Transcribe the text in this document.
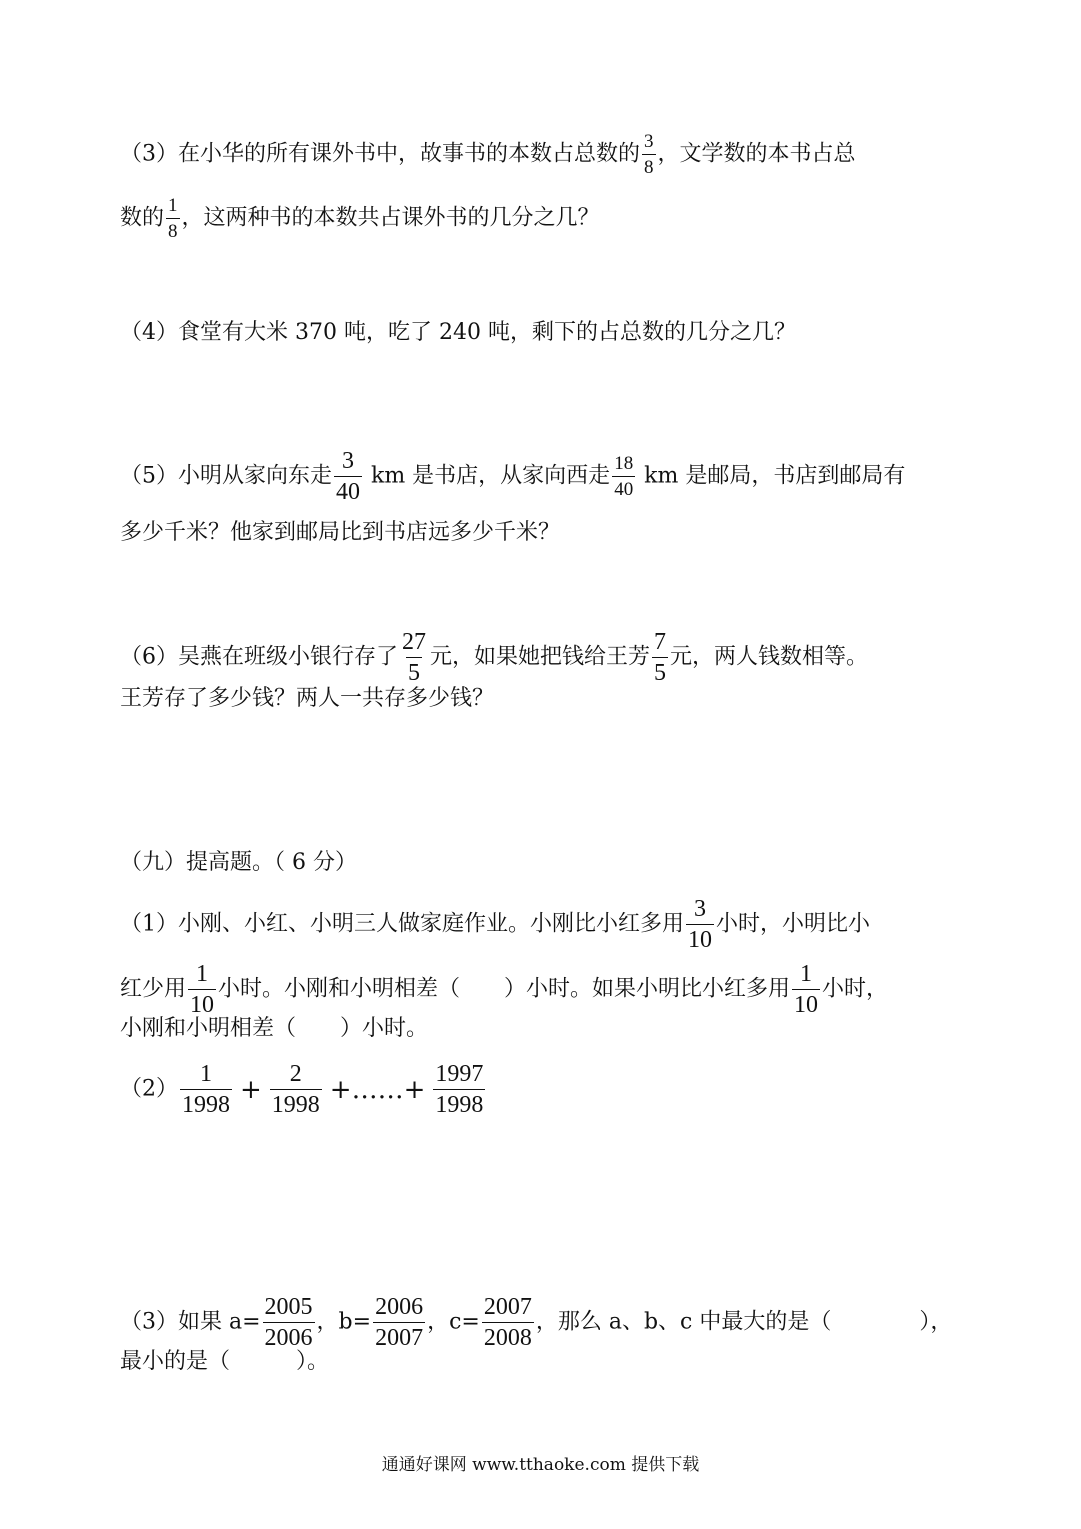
（3）在小华的所有课外书中，故事书的本数占总数的 $\frac{3}{8}$ ，文学数的本书占总
数的 $\frac{1}{8}$ ，这两种书的本数共占课外书的几分之几？
（4）食堂有大米 370 吨，吃了 240 吨，剩下的占总数的几分之几？
（5）小明从家向东走 $\frac{3}{40}$ km 是书店，从家向西走 $\frac{18}{40}$ km 是邮局，书店到邮局有
多少千米？他家到邮局比到书店远多少千米？
（6）吴燕在班级小银行存了 $\frac{27}{5}$ 元，如果她把钱给王芳 $\frac{7}{5}$ 元，两人钱数相等。
王芳存了多少钱？两人一共存多少钱？
（九）提高题。（ 6 分）
（1）小刚、小红、小明三人做家庭作业。小刚比小红多用 $\frac{3}{10}$ 小时，小明比小
红少用 $\frac{1}{10}$ 小时。小刚和小明相差（　　）小时。如果小明比小红多用 $\frac{1}{10}$ 小时，
小刚和小明相差（　　）小时。
$(2) \frac{1}{1998} + \frac{2}{1998}$ +……+ $\frac{1997}{1998}$
（3）如果 $a= \frac{2005}{2006}$ ，$b= \frac{2006}{2007}$ ，$c= \frac{2007}{2008}$ ，那么 a、b、c 中最大的是（　　　　），
最小的是（　　　）。
通通好课网 www.tthaoke.com 提供下载
